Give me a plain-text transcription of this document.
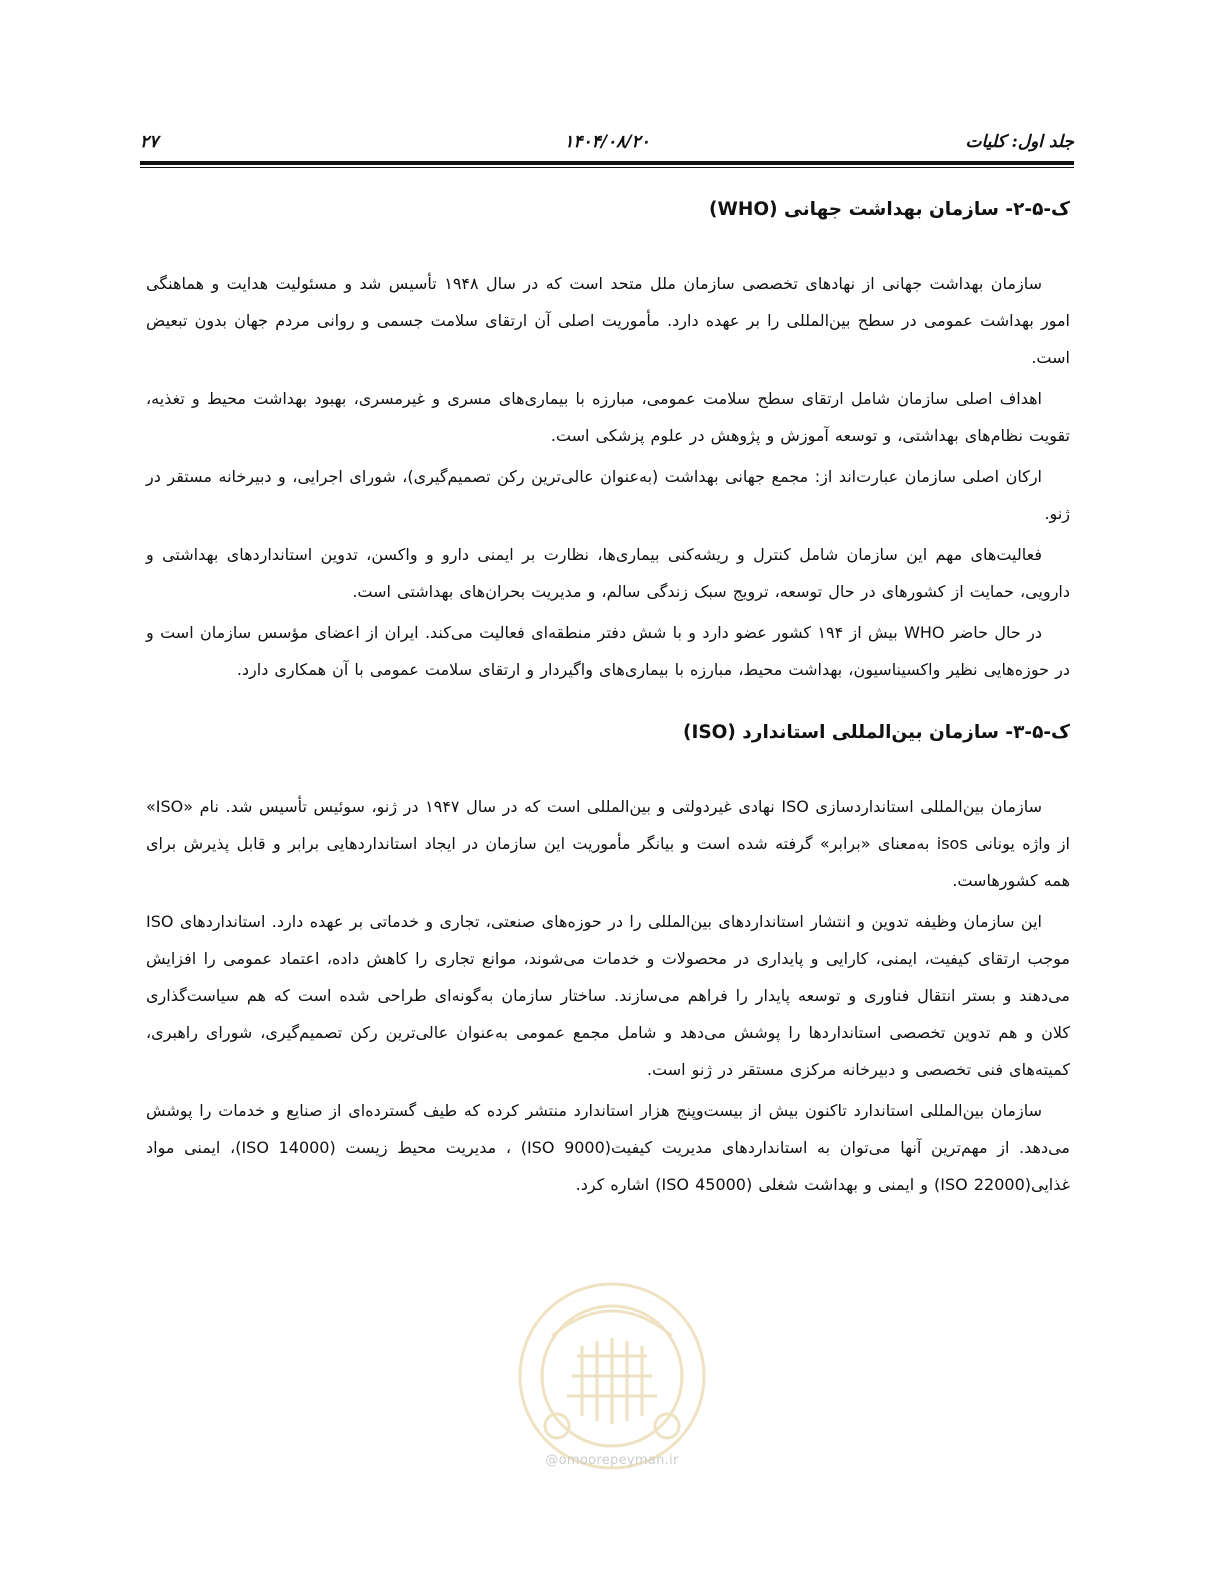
جلد اول: کلیات
۱۴۰۴/۰۸/۲۰
۲۷
ک-۵-۲- سازمان بهداشت جهانی (WHO)

سازمان بهداشت جهانی از نهادهای تخصصی سازمان ملل متحد است که در سال ۱۹۴۸ تأسیس شد و مسئولیت هدایت و هماهنگی امور بهداشت عمومی در سطح بین‌المللی را بر عهده دارد. مأموریت اصلی آن ارتقای سلامت جسمی و روانی مردم جهان بدون تبعیض است.

اهداف اصلی سازمان شامل ارتقای سطح سلامت عمومی، مبارزه با بیماری‌های مسری و غیرمسری، بهبود بهداشت محیط و تغذیه، تقویت نظام‌های بهداشتی، و توسعه آموزش و پژوهش در علوم پزشکی است.

ارکان اصلی سازمان عبارت‌اند از: مجمع جهانی بهداشت (به‌عنوان عالی‌ترین رکن تصمیم‌گیری)، شورای اجرایی، و دبیرخانه مستقر در ژنو.

فعالیت‌های مهم این سازمان شامل کنترل و ریشه‌کنی بیماری‌ها، نظارت بر ایمنی دارو و واکسن، تدوین استانداردهای بهداشتی و دارویی، حمایت از کشورهای در حال توسعه، ترویج سبک زندگی سالم، و مدیریت بحران‌های بهداشتی است.

در حال حاضر WHO بیش از ۱۹۴ کشور عضو دارد و با شش دفتر منطقه‌ای فعالیت می‌کند. ایران از اعضای مؤسس سازمان است و در حوزه‌هایی نظیر واکسیناسیون، بهداشت محیط، مبارزه با بیماری‌های واگیردار و ارتقای سلامت عمومی با آن همکاری دارد.

ک-۵-۳- سازمان بین‌المللی استاندارد (ISO)

سازمان بین‌المللی استانداردسازی ISO نهادی غیردولتی و بین‌المللی است که در سال ۱۹۴۷ در ژنو، سوئیس تأسیس شد. نام «ISO» از واژه یونانی isos به‌معنای «برابر» گرفته شده است و بیانگر مأموریت این سازمان در ایجاد استانداردهایی برابر و قابل پذیرش برای همه کشورهاست.

این سازمان وظیفه تدوین و انتشار استانداردهای بین‌المللی را در حوزه‌های صنعتی، تجاری و خدماتی بر عهده دارد. استانداردهای ISO موجب ارتقای کیفیت، ایمنی، کارایی و پایداری در محصولات و خدمات می‌شوند، موانع تجاری را کاهش داده، اعتماد عمومی را افزایش می‌دهند و بستر انتقال فناوری و توسعه پایدار را فراهم می‌سازند. ساختار سازمان به‌گونه‌ای طراحی شده است که هم سیاست‌گذاری کلان و هم تدوین تخصصی استانداردها را پوشش می‌دهد و شامل مجمع عمومی به‌عنوان عالی‌ترین رکن تصمیم‌گیری، شورای راهبری، کمیته‌های فنی تخصصی و دبیرخانه مرکزی مستقر در ژنو است.

سازمان بین‌المللی استاندارد تاکنون بیش از بیست‌وپنج هزار استاندارد منتشر کرده که طیف گسترده‌ای از صنایع و خدمات را پوشش می‌دهد. از مهم‌ترین آنها می‌توان به استانداردهای مدیریت کیفیت(ISO 9000) ، مدیریت محیط زیست (ISO 14000)، ایمنی مواد غذایی(ISO 22000) و ایمنی و بهداشت شغلی (ISO 45000) اشاره کرد.

@omoorepeyman.ir
